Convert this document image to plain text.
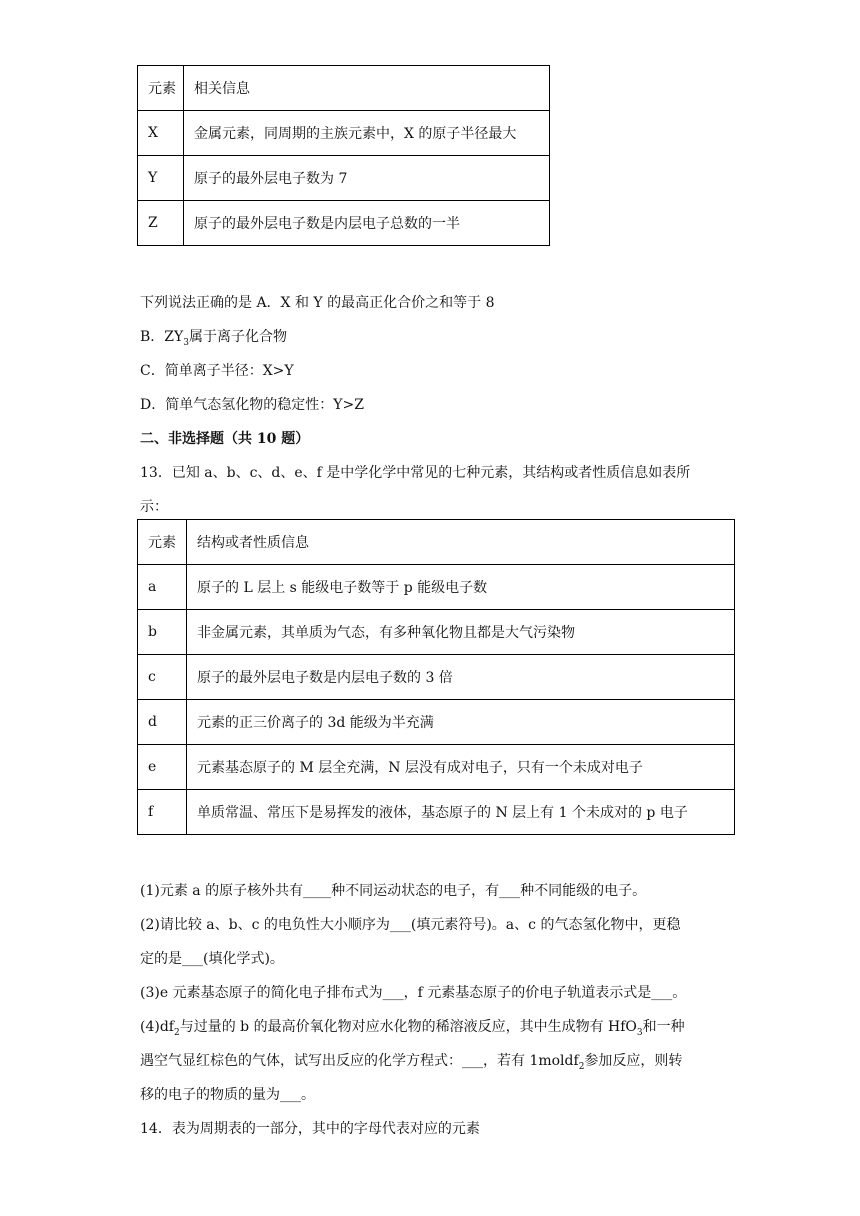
元素	相关信息
X	金属元素，同周期的主族元素中，X 的原子半径最大
Y	原子的最外层电子数为 7
Z	原子的最外层电子数是内层电子总数的一半
下列说法正确的是 A．X 和 Y 的最高正化合价之和等于 8
B．$ZY_3$属于离子化合物
C．简单离子半径：X>Y
D．简单气态氢化物的稳定性：Y>Z
二、非选择题（共 10 题）
13．已知 a、b、c、d、e、f 是中学化学中常见的七种元素，其结构或者性质信息如表所
示：
元素	结构或者性质信息
a	原子的 L 层上 s 能级电子数等于 p 能级电子数
b	非金属元素，其单质为气态，有多种氧化物且都是大气污染物
c	原子的最外层电子数是内层电子数的 3 倍
d	元素的正三价离子的 3d 能级为半充满
e	元素基态原子的 M 层全充满，N 层没有成对电子，只有一个未成对电子
f	单质常温、常压下是易挥发的液体，基态原子的 N 层上有 1 个未成对的 p 电子
(1)元素 a 的原子核外共有____种不同运动状态的电子，有___种不同能级的电子。
(2)请比较 a、b、c 的电负性大小顺序为___(填元素符号)。a、c 的气态氢化物中，更稳
定的是___(填化学式)。
(3)e 元素基态原子的简化电子排布式为___，f 元素基态原子的价电子轨道表示式是___。
$(4)df_2$与过量的 b 的最高价氧化物对应水化物的稀溶液反应，其中生成物有 HfO$_3$和一种
遇空气显红棕色的气体，试写出反应的化学方程式：___，若有 1moldf$_2$参加反应，则转
移的电子的物质的量为___。
14．表为周期表的一部分，其中的字母代表对应的元素
